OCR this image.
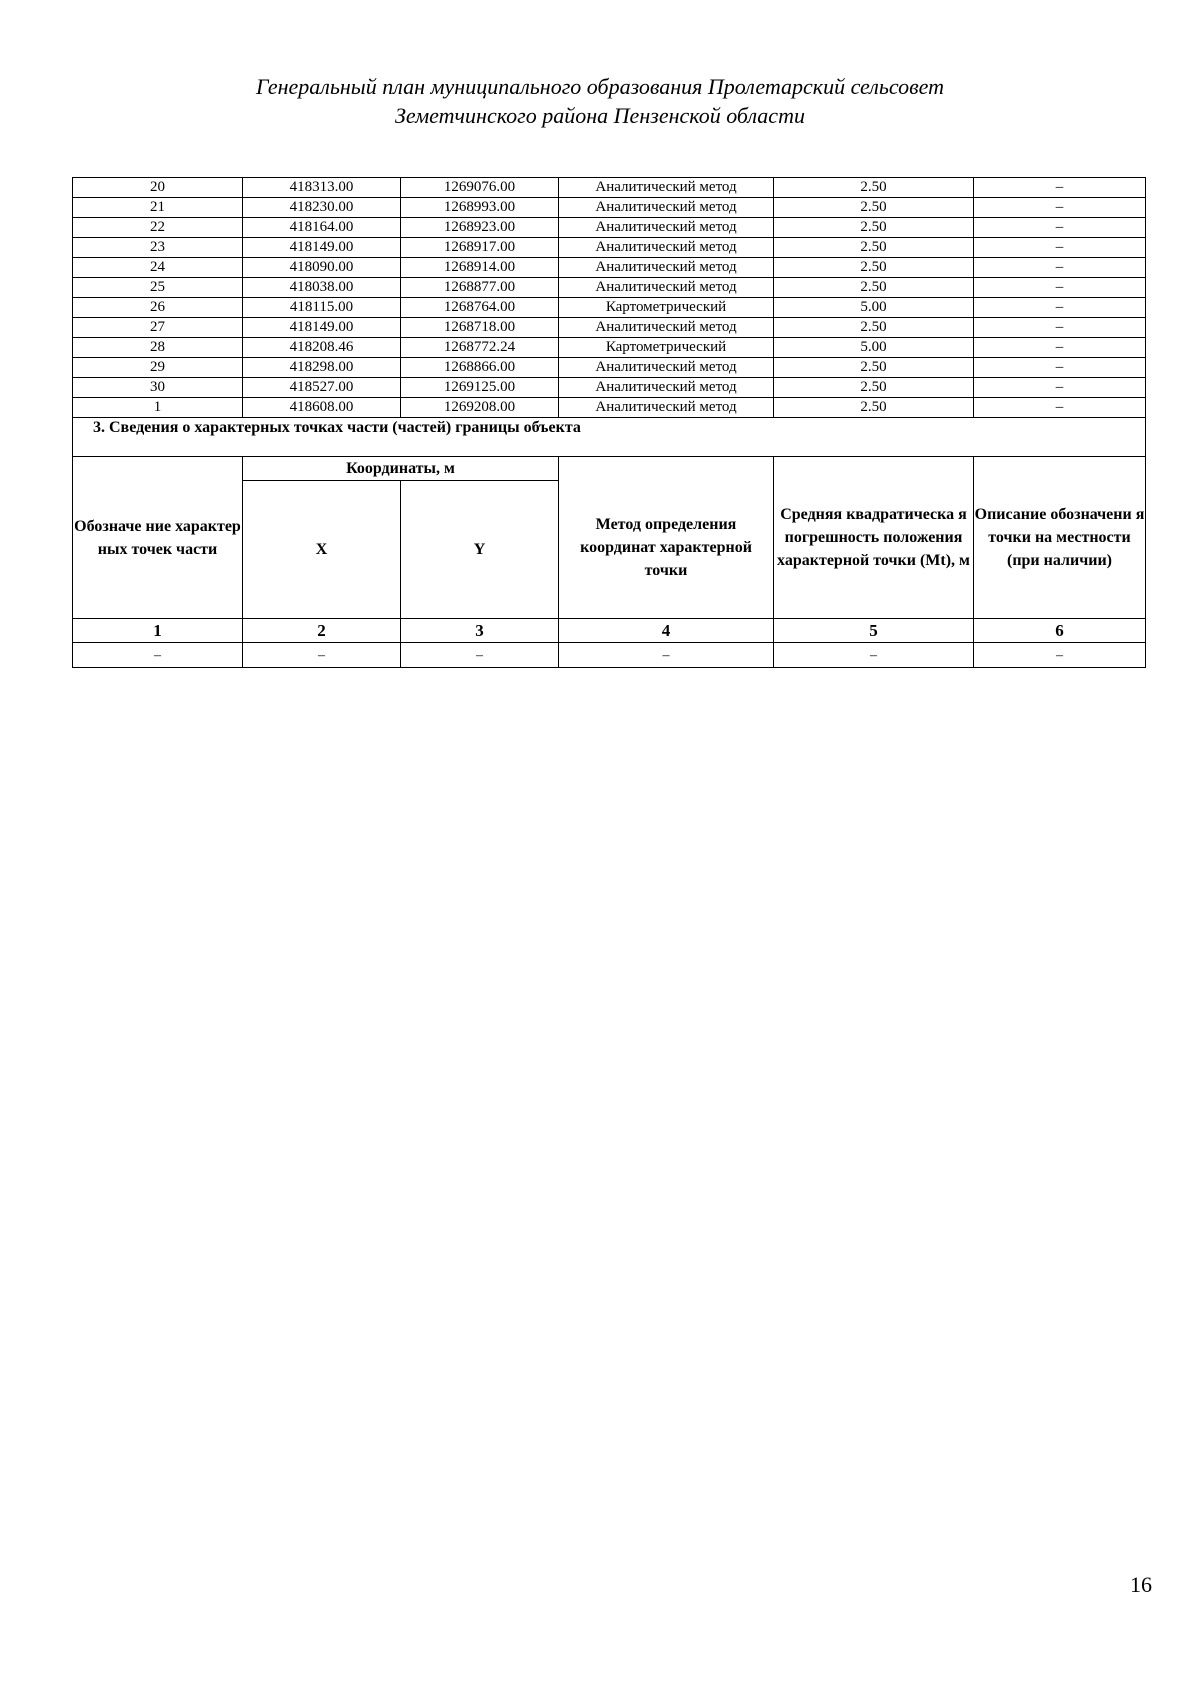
Генеральный план муниципального образования Пролетарский сельсовет
Земетчинского района Пензенской области
20	418313.00	1269076.00	Аналитический метод	2.50	–
21	418230.00	1268993.00	Аналитический метод	2.50	–
22	418164.00	1268923.00	Аналитический метод	2.50	–
23	418149.00	1268917.00	Аналитический метод	2.50	–
24	418090.00	1268914.00	Аналитический метод	2.50	–
25	418038.00	1268877.00	Аналитический метод	2.50	–
26	418115.00	1268764.00	Картометрический	5.00	–
27	418149.00	1268718.00	Аналитический метод	2.50	–
28	418208.46	1268772.24	Картометрический	5.00	–
29	418298.00	1268866.00	Аналитический метод	2.50	–
30	418527.00	1269125.00	Аналитический метод	2.50	–
1	418608.00	1269208.00	Аналитический метод	2.50	–
3. Сведения о характерных точках части (частей) границы объекта					
Обозначе ние характер ных точек части	Координаты, м		Метод определения координат характерной точки	Средняя квадратическа я погрешность положения характерной точки (Mt), м	Описание обозначени я точки на местности (при наличии)
	X	Y			
1	2	3	4	5	6
–	–	–	–	–	–
16
